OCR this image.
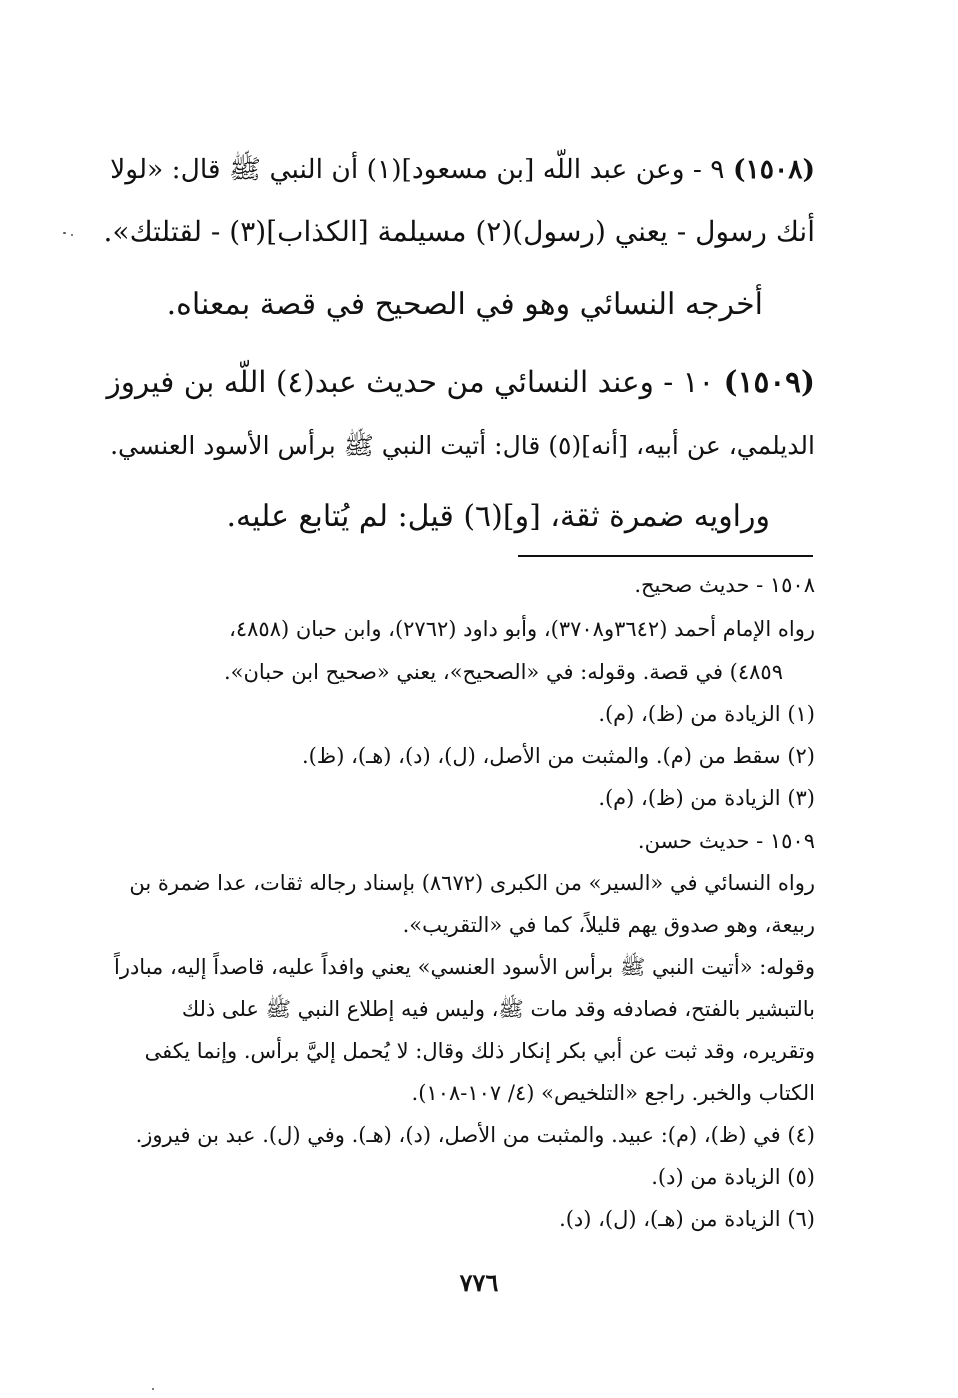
(١٥٠٨) ٩ - وعن عبد اللّه [بن مسعود](١) أن النبي ﷺ قال: «لولا
أنك رسول - يعني (رسول)(٢) مسيلمة [الكذاب](٣) - لقتلتك».
أخرجه النسائي وهو في الصحيح في قصة بمعناه.
(١٥٠٩) ١٠ - وعند النسائي من حديث عبد(٤) اللّه بن فيروز
الديلمي، عن أبيه، [أنه](٥) قال: أتيت النبي ﷺ برأس الأسود العنسي.
وراويه ضمرة ثقة، [و](٦) قيل: لم يُتابع عليه.
١٥٠٨ - حديث صحيح.
رواه الإمام أحمد (٣٦٤٢و٣٧٠٨)، وأبو داود (٢٧٦٢)، وابن حبان (٤٨٥٨،
٤٨٥٩) في قصة. وقوله: في «الصحيح»، يعني «صحيح ابن حبان».
(١) الزيادة من (ظ)، (م).
(٢) سقط من (م). والمثبت من الأصل، (ل)، (د)، (هـ)، (ظ).
(٣) الزيادة من (ظ)، (م).
١٥٠٩ - حديث حسن.
رواه النسائي في «السير» من الكبرى (٨٦٧٢) بإسناد رجاله ثقات، عدا ضمرة بن
ربيعة، وهو صدوق يهم قليلاً، كما في «التقريب».
وقوله: «أتيت النبي ﷺ برأس الأسود العنسي» يعني وافداً عليه، قاصداً إليه، مبادراً
بالتبشير بالفتح، فصادفه وقد مات ﷺ، وليس فيه إطلاع النبي ﷺ على ذلك
وتقريره، وقد ثبت عن أبي بكر إنكار ذلك وقال: لا يُحمل إليَّ برأس. وإنما يكفى
الكتاب والخبر. راجع «التلخيص» (٤/ ١٠٧-١٠٨).
(٤) في (ظ)، (م): عبيد. والمثبت من الأصل، (د)، (هـ). وفي (ل). عبد بن فيروز.
(٥) الزيادة من (د).
(٦) الزيادة من (هـ)، (ل)، (د).
٧٧٦
